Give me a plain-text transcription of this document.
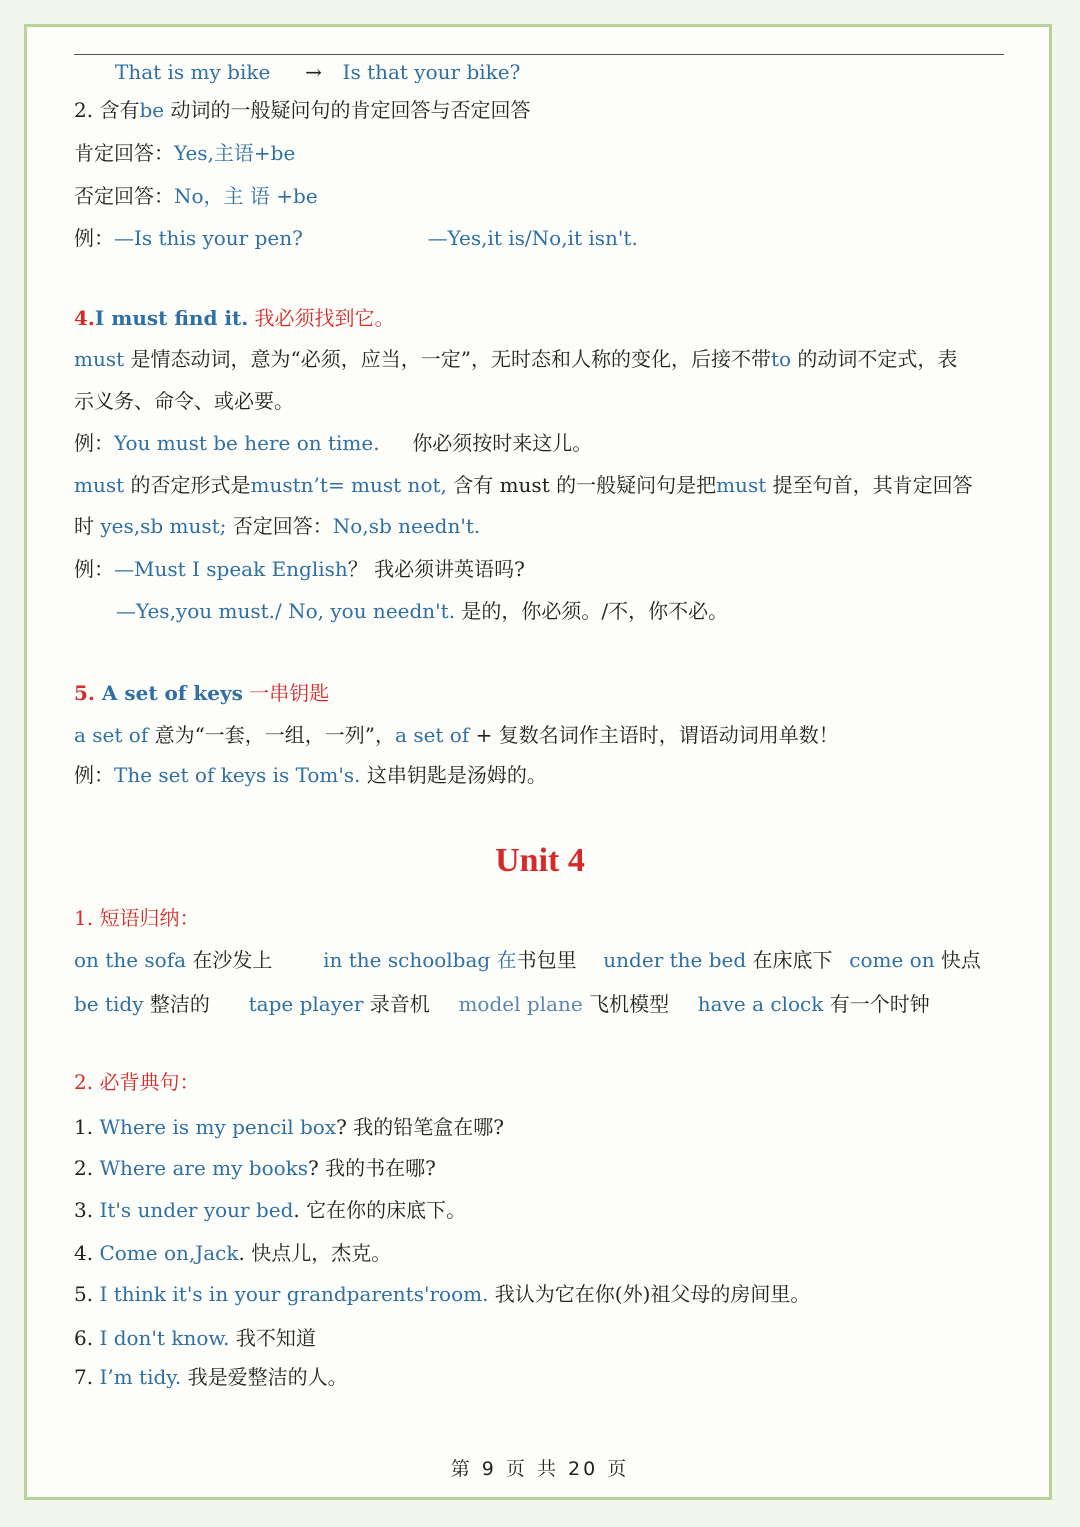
That is my bike → Is that your bike?
2. 含有be 动词的一般疑问句的肯定回答与否定回答
肯定回答：Yes,主语+be
否定回答：No，主 语 +be
例：—Is this your pen?	—Yes,it is/No,it isn't.
4.I must find it. 我必须找到它。
must 是情态动词，意为“必须，应当，一定”，无时态和人称的变化，后接不带to 的动词不定式，表
示义务、命令、或必要。
例：You must be here on time. 你必须按时来这儿。
must 的否定形式是mustn’t= must not, 含有 must 的一般疑问句是把must 提至句首，其肯定回答
时 yes,sb must; 否定回答：No,sb needn't.
例：—Must I speak English？ 我必须讲英语吗?
—Yes,you must./ No, you needn't. 是的，你必须。/不，你不必。
5. A set of keys 一串钥匙
a set of 意为“一套，一组，一列”，a set of + 复数名词作主语时，谓语动词用单数！
例：The set of keys is Tom's. 这串钥匙是汤姆的。
Unit 4
1. 短语归纳：
on the sofa 在沙发上	in the schoolbag 在书包里 under the bed 在床底下 come on 快点
be tidy 整洁的 tape player 录音机 model plane 飞机模型 have a clock 有一个时钟
2. 必背典句：
1. Where is my pencil box? 我的铅笔盒在哪?
2. Where are my books? 我的书在哪?
3. It's under your bed. 它在你的床底下。
4. Come on,Jack. 快点儿，杰克。
5. I think it's in your grandparents'room. 我认为它在你(外)祖父母的房间里。
6. I don't know. 我不知道
7. I’m tidy. 我是爱整洁的人。
第 9 页 共 20 页
